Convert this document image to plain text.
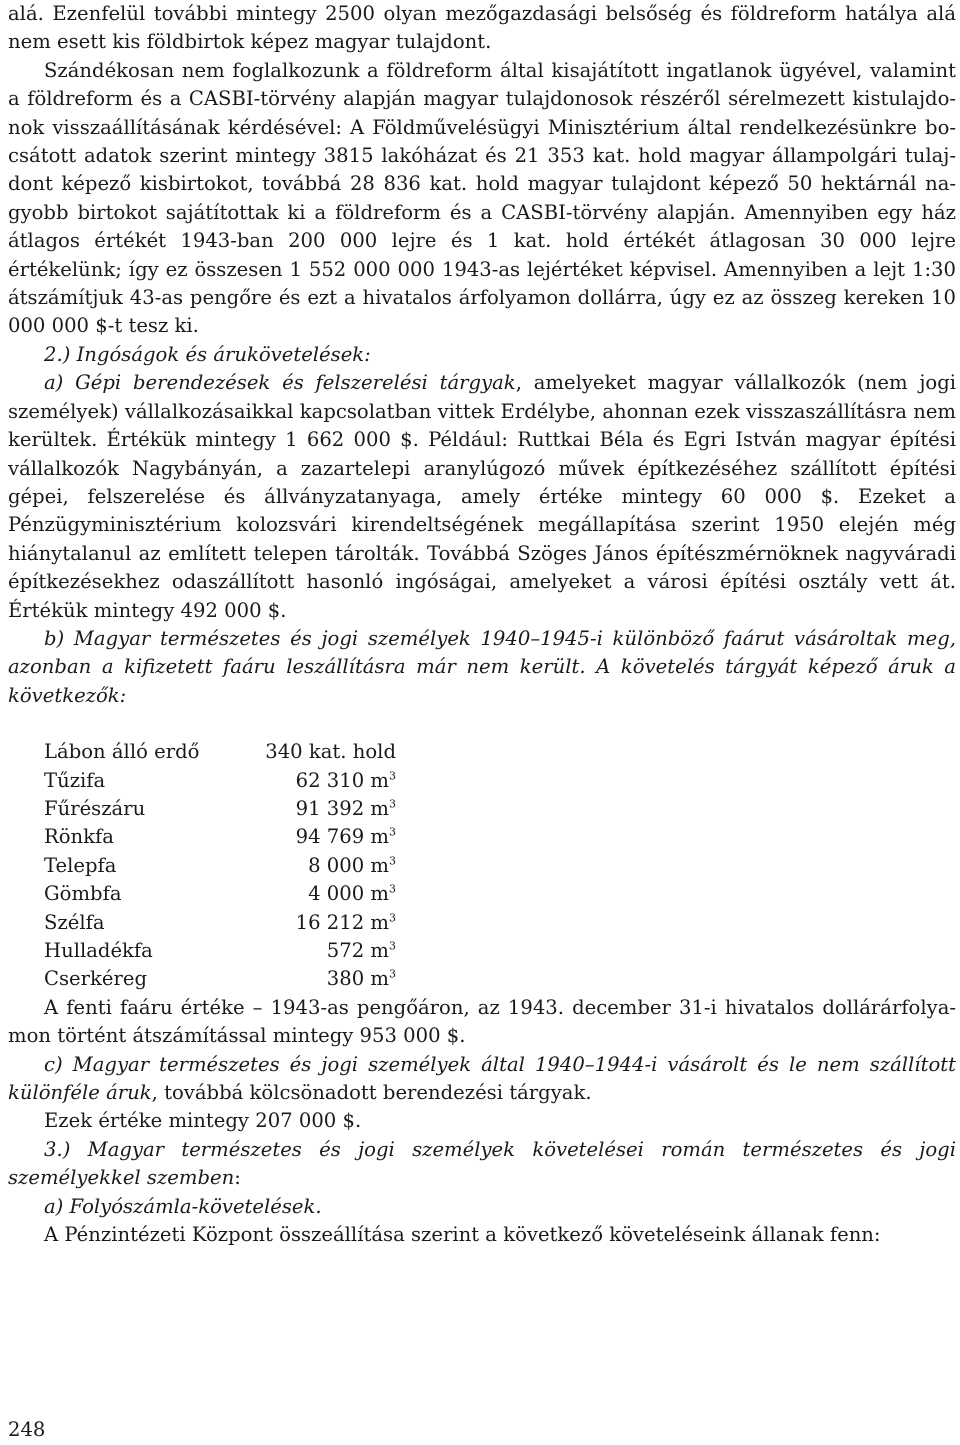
alá. Ezenfelül további mintegy 2500 olyan mezőgazdasági belsőség és földreform hatálya alá nem esett kis földbirtok képez magyar tulajdont.

Szándékosan nem foglalkozunk a földreform által kisajátított ingatlanok ügyével, valamint a földreform és a CASBI-törvény alapján magyar tulajdonosok részéről sérelmezett kistulajdonok visszaállításának kérdésével: A Földművelésügyi Minisztérium által rendelkezésünkre bocsátott adatok szerint mintegy 3815 lakóházat és 21 353 kat. hold magyar állampolgári tulajdont képező kisbirtokot, továbbá 28 836 kat. hold magyar tulajdont képező 50 hektárnál nagyobb birtokot sajátítottak ki a földreform és a CASBI-törvény alapján. Amennyiben egy ház átlagos értékét 1943-ban 200 000 lejre és 1 kat. hold értékét átlagosan 30 000 lejre értékelünk; így ez összesen 1 552 000 000 1943-as lejértéket képvisel. Amennyiben a lejt 1:30 átszámítjuk 43-as pengőre és ezt a hivatalos árfolyamon dollárra, úgy ez az összeg kereken 10 000 000 $-t tesz ki.

2.) Ingóságok és árukövetelések:

a) Gépi berendezések és felszerelési tárgyak, amelyeket magyar vállalkozók (nem jogi személyek) vállalkozásaikkal kapcsolatban vittek Erdélybe, ahonnan ezek visszaszállításra nem kerültek. Értékük mintegy 1 662 000 $. Például: Ruttkai Béla és Egri István magyar építési vállalkozók Nagybányán, a zazartelepi aranylúgozó művek építkezéséhez szállított építési gépei, felszerelése és állványzatanyaga, amely értéke mintegy 60 000 $. Ezeket a Pénzügyminisztérium kolozsvári kirendeltségének megállapítása szerint 1950 elején még hiánytalanul az említett telepen tárolták. Továbbá Szöges János építészmérnöknek nagyváradi építkezésekhez odaszállított hasonló ingóságai, amelyeket a városi építési osztály vett át. Értékük mintegy 492 000 $.

b) Magyar természetes és jogi személyek 1940–1945-i különböző faárut vásároltak meg, azonban a kifizetett faáru leszállításra már nem került. A követelés tárgyát képező áruk a következők:

Lábon álló erdő	340 kat. hold
Tűzifa	62 310 $m^3$
Fűrészáru	91 392 $m^3$
Rönkfa	94 769 $m^3$
Telepfa	8 000 $m^3$
Gömbfa	4 000 $m^3$
Szélfa	16 212 $m^3$
Hulladékfa	572 $m^3$
Cserkéreg	380 $m^3$

A fenti faáru értéke – 1943-as pengőáron, az 1943. december 31-i hivatalos dollárárfolyamon történt átszámítással mintegy 953 000 $.

c) Magyar természetes és jogi személyek által 1940–1944-i vásárolt és le nem szállított különféle áruk, továbbá kölcsönadott berendezési tárgyak.

Ezek értéke mintegy 207 000 $.

3.) Magyar természetes és jogi személyek követelései román természetes és jogi személyekkel szemben:

a) Folyószámla-követelések.

A Pénzintézeti Központ összeállítása szerint a következő követeléseink állanak fenn:

248
